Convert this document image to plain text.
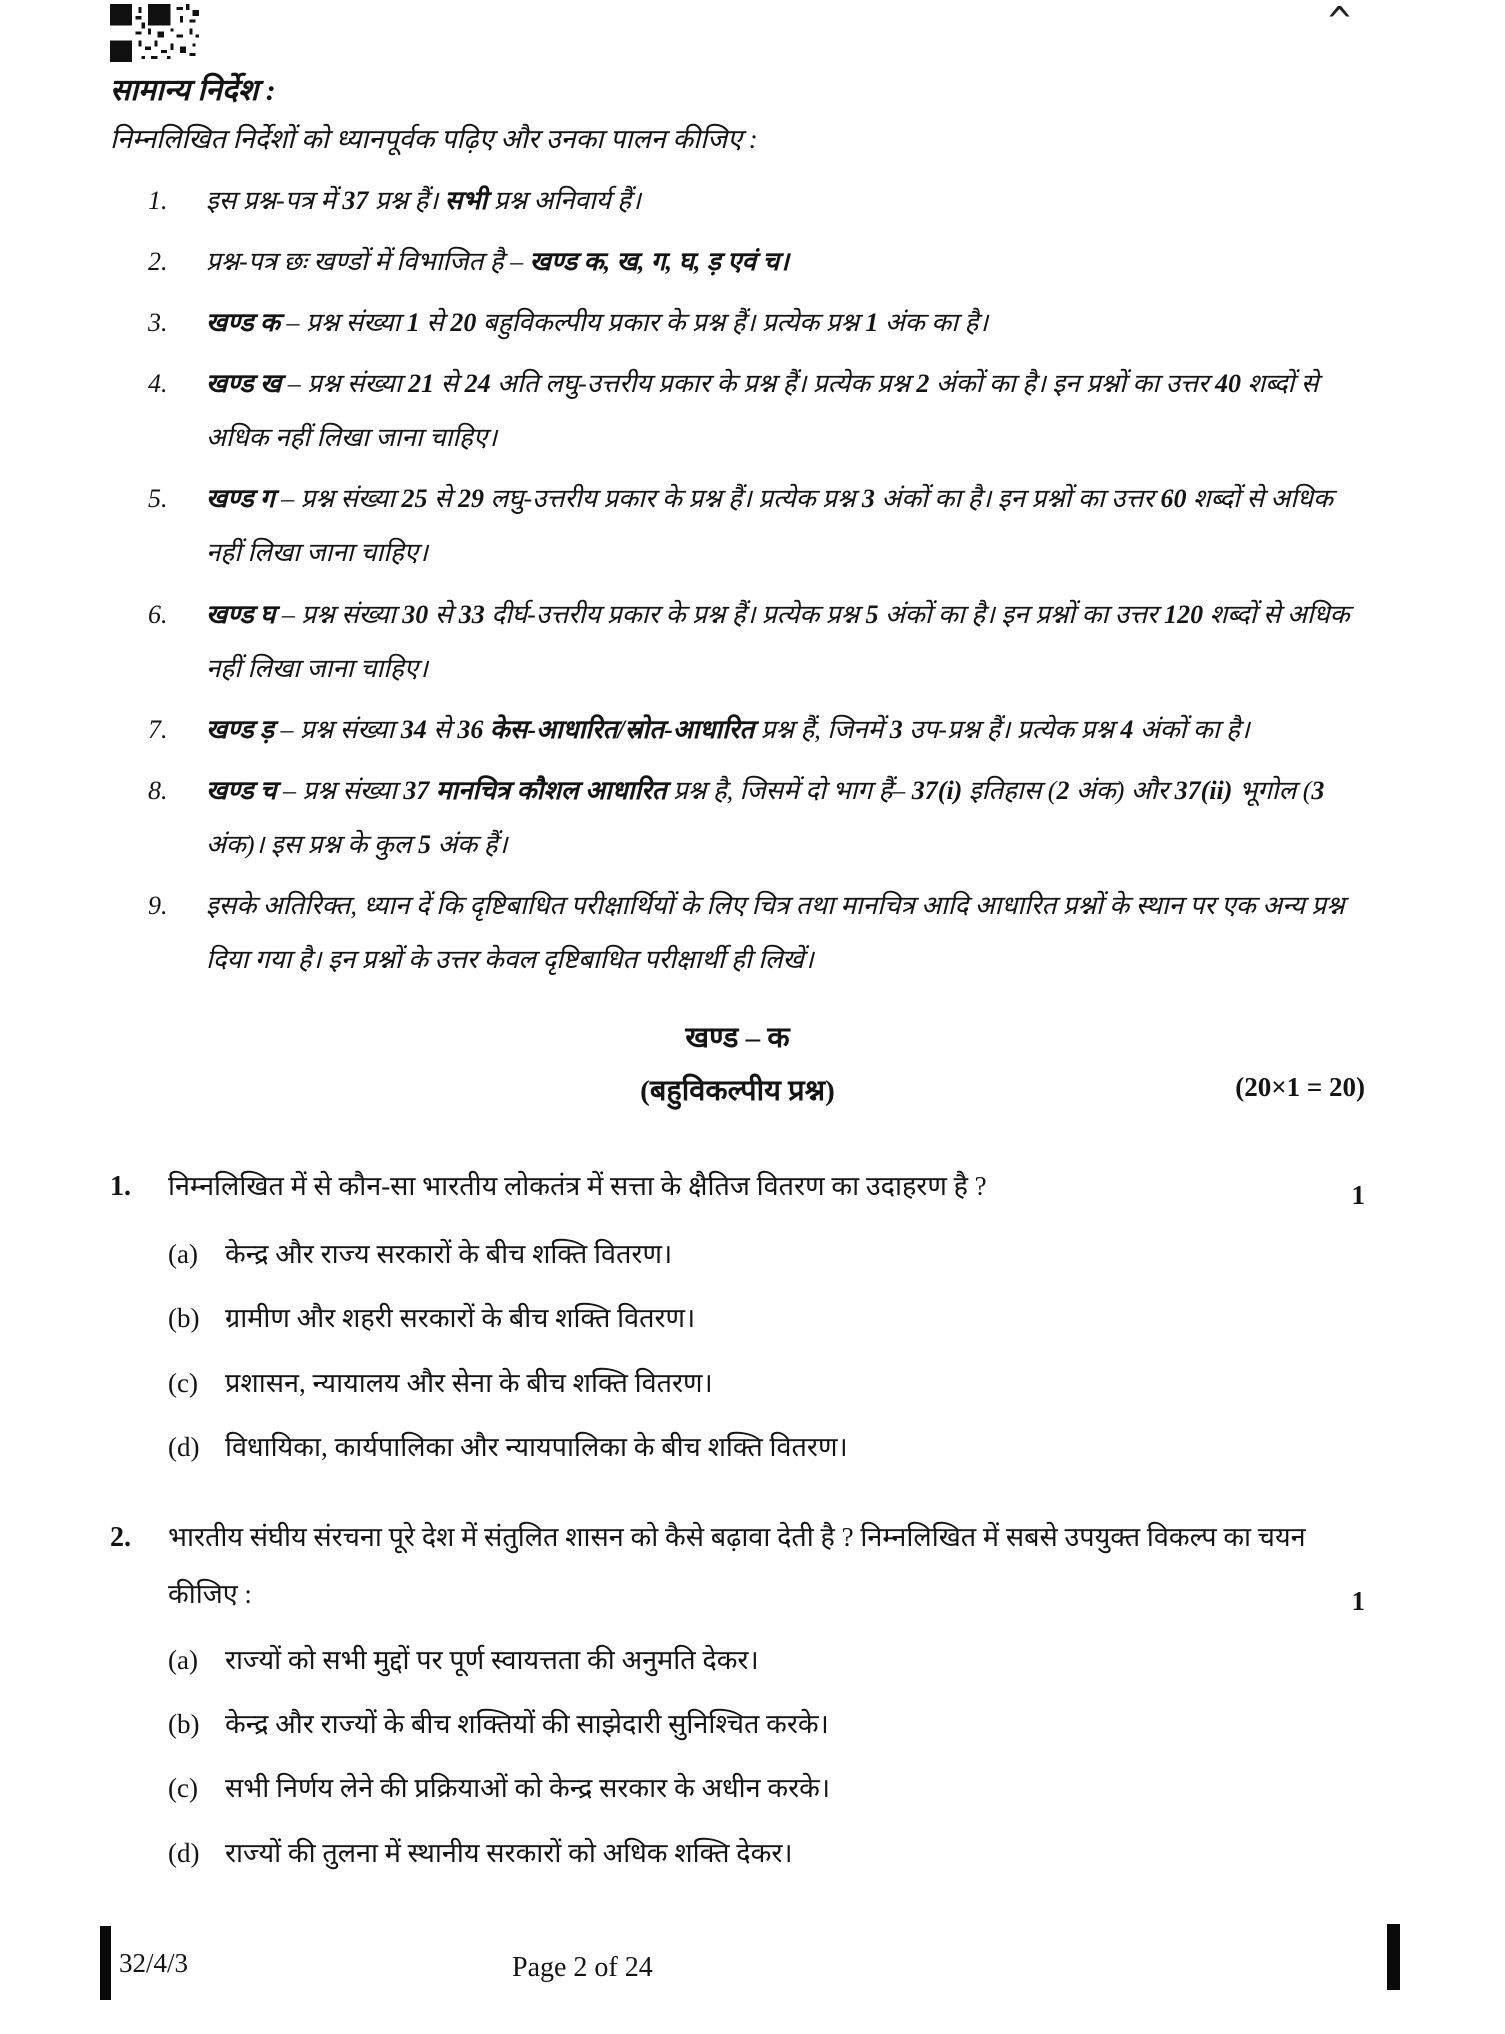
^
सामान्य निर्देश :
निम्नलिखित निर्देशों को ध्यानपूर्वक पढ़िए और उनका पालन कीजिए :
1.	इस प्रश्न-पत्र में 37 प्रश्न हैं। सभी प्रश्न अनिवार्य हैं।
2.	प्रश्न-पत्र छः खण्डों में विभाजित है – खण्ड क, ख, ग, घ, ड़ एवं च।
3.	खण्ड क – प्रश्न संख्या 1 से 20 बहुविकल्पीय प्रकार के प्रश्न हैं। प्रत्येक प्रश्न 1 अंक का है।
4.	खण्ड ख – प्रश्न संख्या 21 से 24 अति लघु-उत्तरीय प्रकार के प्रश्न हैं। प्रत्येक प्रश्न 2 अंकों का है। इन प्रश्नों का उत्तर 40 शब्दों से अधिक नहीं लिखा जाना चाहिए।
5.	खण्ड ग – प्रश्न संख्या 25 से 29 लघु-उत्तरीय प्रकार के प्रश्न हैं। प्रत्येक प्रश्न 3 अंकों का है। इन प्रश्नों का उत्तर 60 शब्दों से अधिक नहीं लिखा जाना चाहिए।
6.	खण्ड घ – प्रश्न संख्या 30 से 33 दीर्घ-उत्तरीय प्रकार के प्रश्न हैं। प्रत्येक प्रश्न 5 अंकों का है। इन प्रश्नों का उत्तर 120 शब्दों से अधिक नहीं लिखा जाना चाहिए।
7.	खण्ड ड़ – प्रश्न संख्या 34 से 36 केस-आधारित/स्रोत-आधारित प्रश्न हैं, जिनमें 3 उप-प्रश्न हैं। प्रत्येक प्रश्न 4 अंकों का है।
8.	खण्ड च – प्रश्न संख्या 37 मानचित्र कौशल आधारित प्रश्न है, जिसमें दो भाग हैं– 37(i) इतिहास (2 अंक) और 37(ii) भूगोल (3 अंक)। इस प्रश्न के कुल 5 अंक हैं।
9.	इसके अतिरिक्त, ध्यान दें कि दृष्टिबाधित परीक्षार्थियों के लिए चित्र तथा मानचित्र आदि आधारित प्रश्नों के स्थान पर एक अन्य प्रश्न दिया गया है। इन प्रश्नों के उत्तर केवल दृष्टिबाधित परीक्षार्थी ही लिखें।
खण्ड – क
(बहुविकल्पीय प्रश्न)	(20×1 = 20)
1.	निम्नलिखित में से कौन-सा भारतीय लोकतंत्र में सत्ता के क्षैतिज वितरण का उदाहरण है ?	1
(a)	केन्द्र और राज्य सरकारों के बीच शक्ति वितरण।
(b) ग्रामीण और शहरी सरकारों के बीच शक्ति वितरण।
(c)	प्रशासन, न्यायालय और सेना के बीच शक्ति वितरण।
(d) विधायिका, कार्यपालिका और न्यायपालिका के बीच शक्ति वितरण।
2.	भारतीय संघीय संरचना पूरे देश में संतुलित शासन को कैसे बढ़ावा देती है ? निम्नलिखित में सबसे उपयुक्त विकल्प का चयन कीजिए :	1
(a)	राज्यों को सभी मुद्दों पर पूर्ण स्वायत्तता की अनुमति देकर।
(b) केन्द्र और राज्यों के बीच शक्तियों की साझेदारी सुनिश्चित करके।
(c)	सभी निर्णय लेने की प्रक्रियाओं को केन्द्र सरकार के अधीन करके।
(d) राज्यों की तुलना में स्थानीय सरकारों को अधिक शक्ति देकर।
32/4/3	Page 2 of 24
